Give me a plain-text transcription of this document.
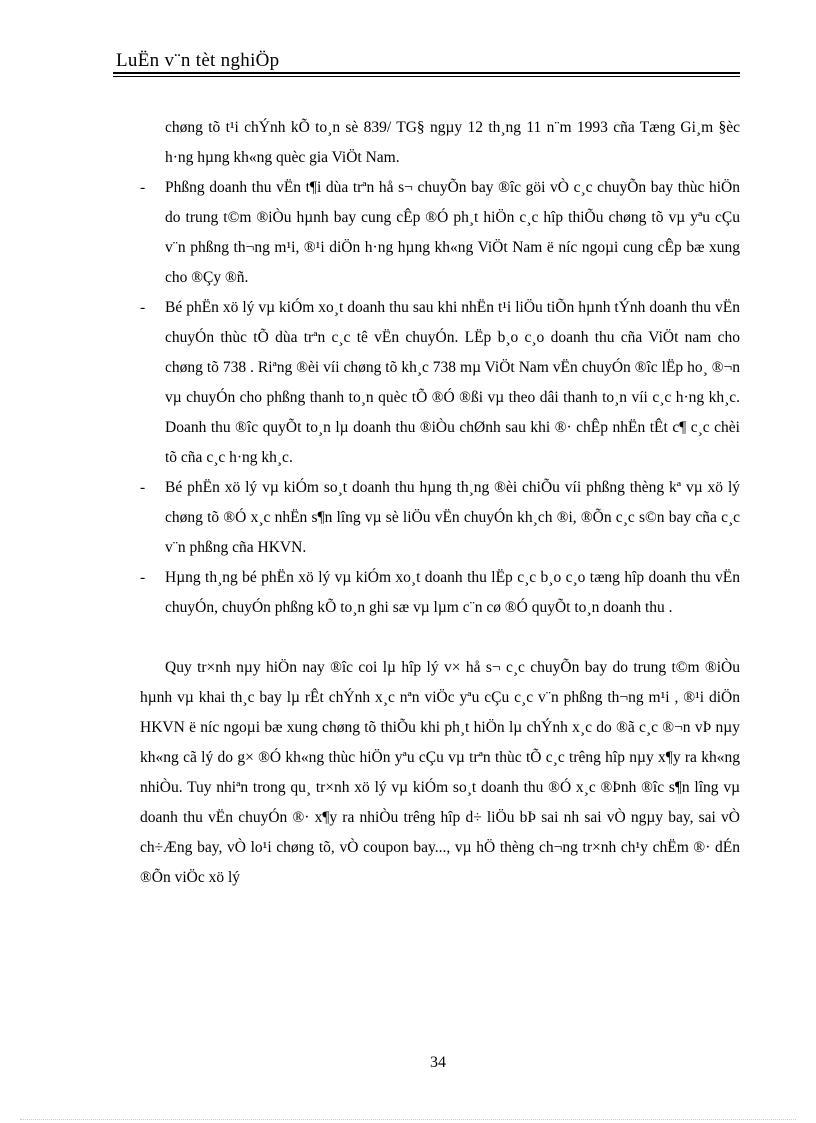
LuËn v¨n tèt nghiÖp
chøng tõ t¹i chÝnh kÕ to¸n sè 839/ TG§ ngµy 12 th¸ng 11 n¨m 1993 cña Tæng Gi¸m §èc h·ng hµng kh«ng quèc gia ViÖt Nam.
- Phßng doanh thu vËn t¶i dùa trªn hå s¬ chuyÕn bay ®îc göi vÒ c¸c chuyÕn bay thùc hiÖn do trung t©m ®iÒu hµnh bay cung cÊp ®Ó ph¸t hiÖn c¸c hîp thiÕu chøng tõ vµ yªu cÇu v¨n phßng th¬ng m¹i, ®¹i diÖn h·ng hµng kh«ng ViÖt Nam ë níc ngoµi cung cÊp bæ xung cho ®Çy ®ñ.
- Bé phËn xö lý vµ kiÓm xo¸t doanh thu sau khi nhËn t¹i liÖu tiÕn hµnh tÝnh doanh thu vËn chuyÓn thùc tÕ dùa trªn c¸c tê vËn chuyÓn. LËp b¸o c¸o doanh thu cña ViÖt nam cho chøng tõ 738 . Riªng ®èi víi chøng tõ kh¸c 738 mµ ViÖt Nam vËn chuyÓn ®îc lËp ho¸ ®¬n vµ chuyÓn cho phßng thanh to¸n quèc tÕ ®Ó ®ßi vµ theo dâi thanh to¸n víi c¸c h·ng kh¸c. Doanh thu ®îc quyÕt to¸n lµ doanh thu ®iÒu chØnh sau khi ®· chÊp nhËn tÊt c¶ c¸c chèi tõ cña c¸c h·ng kh¸c.
- Bé phËn xö lý vµ kiÓm so¸t doanh thu hµng th¸ng ®èi chiÕu víi phßng thèng kª vµ xö lý chøng tõ ®Ó x¸c nhËn s¶n lîng vµ sè liÖu vËn chuyÓn kh¸ch ®i, ®Õn c¸c s©n bay cña c¸c v¨n phßng cña HKVN.
- Hµng th¸ng bé phËn xö lý vµ kiÓm xo¸t doanh thu lËp c¸c b¸o c¸o tæng hîp doanh thu vËn chuyÓn, chuyÓn phßng kÕ to¸n ghi sæ vµ lµm c¨n cø ®Ó quyÕt to¸n doanh thu .
Quy tr×nh nµy hiÖn nay ®îc coi lµ hîp lý v× hå s¬ c¸c chuyÕn bay do trung t©m ®iÒu hµnh vµ khai th¸c bay lµ rÊt chÝnh x¸c nªn viÖc yªu cÇu c¸c v¨n phßng th¬ng m¹i , ®¹i diÖn HKVN ë níc ngoµi bæ xung chøng tõ thiÕu khi ph¸t hiÖn lµ chÝnh x¸c do ®ã c¸c ®¬n vÞ nµy kh«ng cã lý do g× ®Ó kh«ng thùc hiÖn yªu cÇu vµ trªn thùc tÕ c¸c trêng hîp nµy x¶y ra kh«ng nhiÒu. Tuy nhiªn trong qu¸ tr×nh xö lý vµ kiÓm so¸t doanh thu ®Ó x¸c ®Þnh ®îc s¶n lîng vµ doanh thu vËn chuyÓn ®· x¶y ra nhiÒu trêng hîp d÷ liÖu bÞ sai nh sai vÒ ngµy bay, sai vÒ ch÷Æng bay, vÒ lo¹i chøng tõ, vÒ coupon bay..., vµ hÖ thèng ch¬ng tr×nh ch¹y chËm ®· dÉn ®Õn viÖc xö lý
34
